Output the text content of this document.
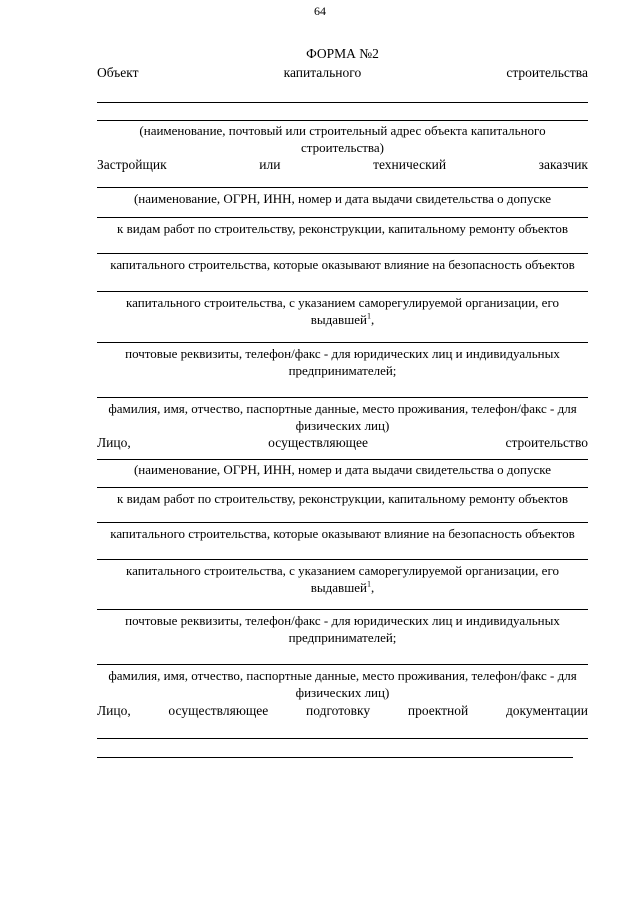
64
ФОРМА №2
Объект	капитального	строительства
(наименование, почтовый или строительный адрес объекта капитального строительства)
Застройщик	или	технический	заказчик
(наименование, ОГРН, ИНН, номер и дата выдачи свидетельства о допуске
к видам работ по строительству, реконструкции, капитальному ремонту объектов
капитального строительства, которые оказывают влияние на безопасность объектов
капитального строительства, с указанием саморегулируемой организации, его выдавшей$^1$,
почтовые реквизиты, телефон/факс - для юридических лиц и индивидуальных предпринимателей;
фамилия, имя, отчество, паспортные данные, место проживания, телефон/факс - для физических лиц)
Лицо,	осуществляющее	строительство
(наименование, ОГРН, ИНН, номер и дата выдачи свидетельства о допуске
к видам работ по строительству, реконструкции, капитальному ремонту объектов
капитального строительства, которые оказывают влияние на безопасность объектов
капитального строительства, с указанием саморегулируемой организации, его выдавшей$^1$,
почтовые реквизиты, телефон/факс - для юридических лиц и индивидуальных предпринимателей;
фамилия, имя, отчество, паспортные данные, место проживания, телефон/факс - для физических лиц)
Лицо,	осуществляющее	подготовку	проектной	документации
